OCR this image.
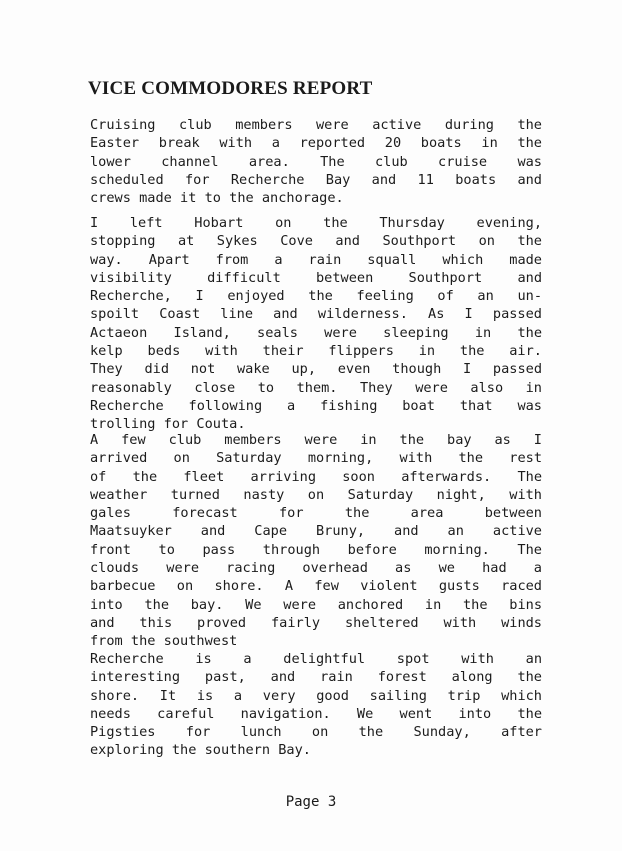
VICE COMMODORES REPORT

Cruising club members were active during the
Easter break with a reported 20 boats in the
lower channel area. The club cruise was
scheduled for Recherche Bay and 11 boats and
crews made it to the anchorage.

I left Hobart on the Thursday evening,
stopping at Sykes Cove and Southport on the
way. Apart from a rain squall which made
visibility difficult between Southport and
Recherche, I enjoyed the feeling of an un-
spoilt Coast line and wilderness. As I passed
Actaeon Island, seals were sleeping in the
kelp beds with their flippers in the air.
They did not wake up, even though I passed
reasonably close to them. They were also in
Recherche following a fishing boat that was
trolling for Couta.

A few club members were in the bay as I
arrived on Saturday morning, with the rest
of the fleet arriving soon afterwards. The
weather turned nasty on Saturday night, with
gales forecast for the area between
Maatsuyker and Cape Bruny, and an active
front to pass through before morning. The
clouds were racing overhead as we had a
barbecue on shore. A few violent gusts raced
into the bay. We were anchored in the bins
and this proved fairly sheltered with winds
from the southwest

Recherche is a delightful spot with an
interesting past, and rain forest along the
shore. It is a very good sailing trip which
needs careful navigation. We went into the
Pigsties for lunch on the Sunday, after
exploring the southern Bay.

Page 3
